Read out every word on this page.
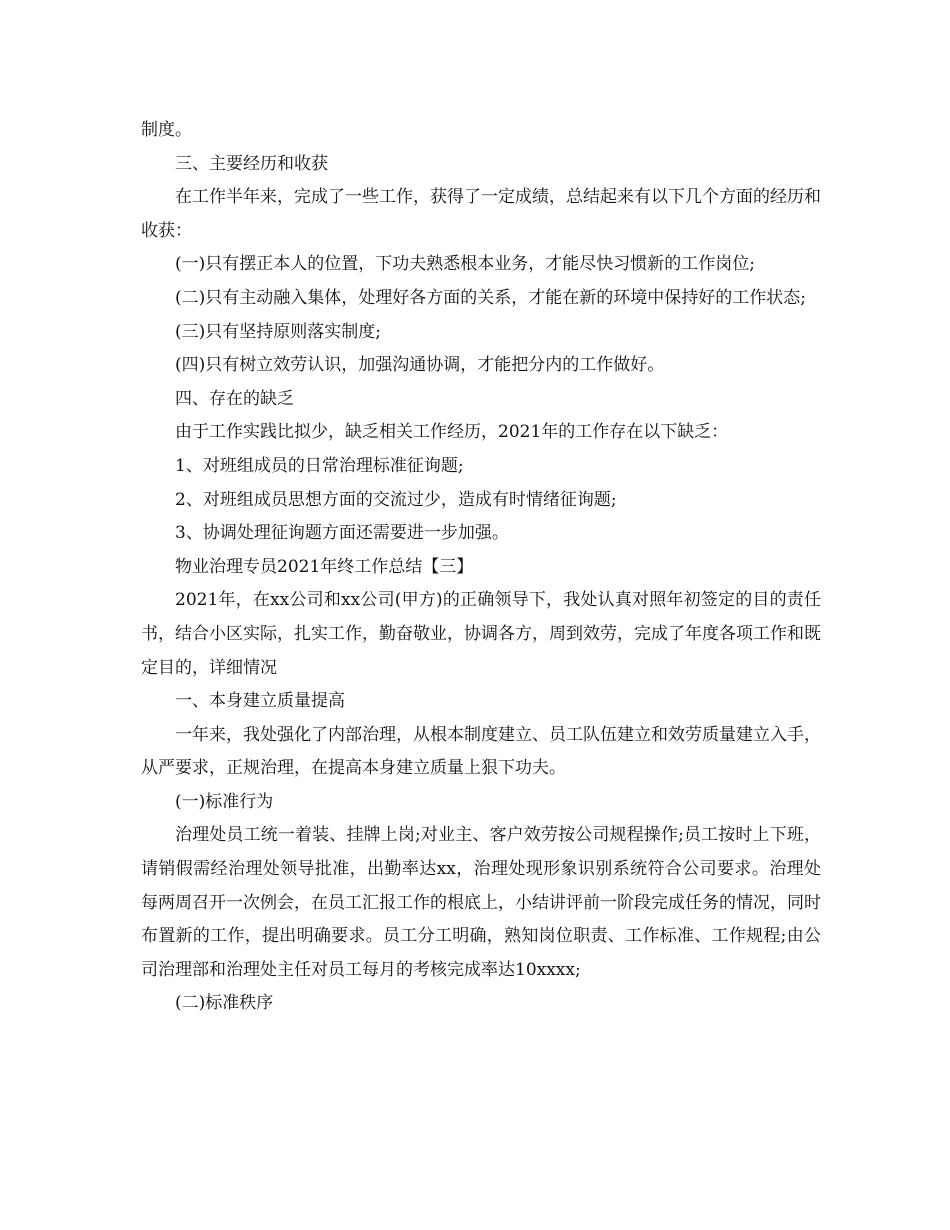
制度。

三、主要经历和收获

在工作半年来，完成了一些工作，获得了一定成绩，总结起来有以下几个方面的经历和收获：

(一)只有摆正本人的位置，下功夫熟悉根本业务，才能尽快习惯新的工作岗位;

(二)只有主动融入集体，处理好各方面的关系，才能在新的环境中保持好的工作状态;

(三)只有坚持原则落实制度;

(四)只有树立效劳认识，加强沟通协调，才能把分内的工作做好。

四、存在的缺乏

由于工作实践比拟少，缺乏相关工作经历，2021年的工作存在以下缺乏：

1、对班组成员的日常治理标准征询题;

2、对班组成员思想方面的交流过少，造成有时情绪征询题;

3、协调处理征询题方面还需要进一步加强。

物业治理专员2021年终工作总结【三】

2021年，在xx公司和xx公司(甲方)的正确领导下，我处认真对照年初签定的目的责任书，结合小区实际，扎实工作，勤奋敬业，协调各方，周到效劳，完成了年度各项工作和既定目的，详细情况

一、本身建立质量提高

一年来，我处强化了内部治理，从根本制度建立、员工队伍建立和效劳质量建立入手，从严要求，正规治理，在提高本身建立质量上狠下功夫。

(一)标准行为

治理处员工统一着装、挂牌上岗;对业主、客户效劳按公司规程操作;员工按时上下班，请销假需经治理处领导批准，出勤率达xx，治理处现形象识别系统符合公司要求。治理处每两周召开一次例会，在员工汇报工作的根底上，小结讲评前一阶段完成任务的情况，同时布置新的工作，提出明确要求。员工分工明确，熟知岗位职责、工作标准、工作规程;由公司治理部和治理处主任对员工每月的考核完成率达10xxxx;

(二)标准秩序
